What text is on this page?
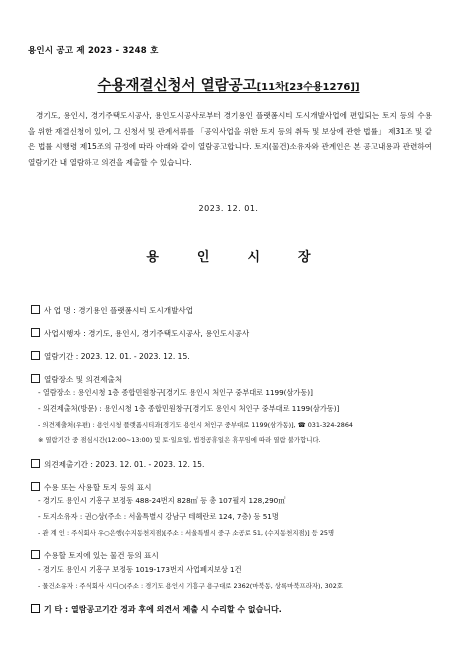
용인시 공고 제 2023 - 3248 호
수용재결신청서 열람공고[11차[23수용1276]]
경기도, 용인시, 경기주택도시공사, 용인도시공사로부터 경기용인 플랫폼시티 도시개발사업에 편입되는 토지 등의 수용을 위한 재결신청이 있어, 그 신청서 및 관계서류를 「공익사업을 위한 토지 등의 취득 및 보상에 관한 법률」 제31조 및 같은 법률 시행령 제15조의 규정에 따라 아래와 같이 열람공고합니다. 토지(물건)소유자와 관계인은 본 공고내용과 관련하여 열람기간 내 열람하고 의견을 제출할 수 있습니다.
2023. 12. 01.
용인시장
사 업 명 : 경기용인 플랫폼시티 도시개발사업
사업시행자 : 경기도, 용인시, 경기주택도시공사, 용인도시공사
열람기간 : 2023. 12. 01. - 2023. 12. 15.
열람장소 및 의견제출처
- 열람장소 : 용인시청 1층 종합민원창구[경기도 용인시 처인구 중부대로 1199(삼가동)]
- 의견제출처(방문) : 용인시청 1층 종합민원창구[경기도 용인시 처인구 중부대로 1199(삼가동)]
- 의견제출처(우편) : 용인시청 플랫폼시티과[경기도 용인시 처인구 중부대로 1199(삼가동)], ☎ 031-324-2864
※ 열람기간 중 점심시간(12:00~13:00) 및 토·일요일, 법정공휴일은 휴무임에 따라 열람 불가합니다.
의견제출기간 : 2023. 12. 01. - 2023. 12. 15.
수용 또는 사용할 토지 등의 표시
- 경기도 용인시 기흥구 보정동 488-24번지 828㎡ 등 총 107필지 128,290㎡
- 토지소유자 : 권○상(주소 : 서울특별시 강남구 테헤란로 124, 7층) 등 51명
- 관 계 인 : 주식회사 우○은행(수지동천지점)[주소 : 서울특별시 중구 소공로 51, (수지동천지점)] 등 25명
수용할 토지에 있는 물건 등의 표시
- 경기도 용인시 기흥구 보정동 1019-173번지 사업폐지보상 1건
- 물건소유자 : 주식회사 시디○(주소 : 경기도 용인시 기흥구 용구대로 2362(마북동, 상록마북프라자), 302호
기 타 : 열람공고기간 경과 후에 의견서 제출 시 수리할 수 없습니다.
